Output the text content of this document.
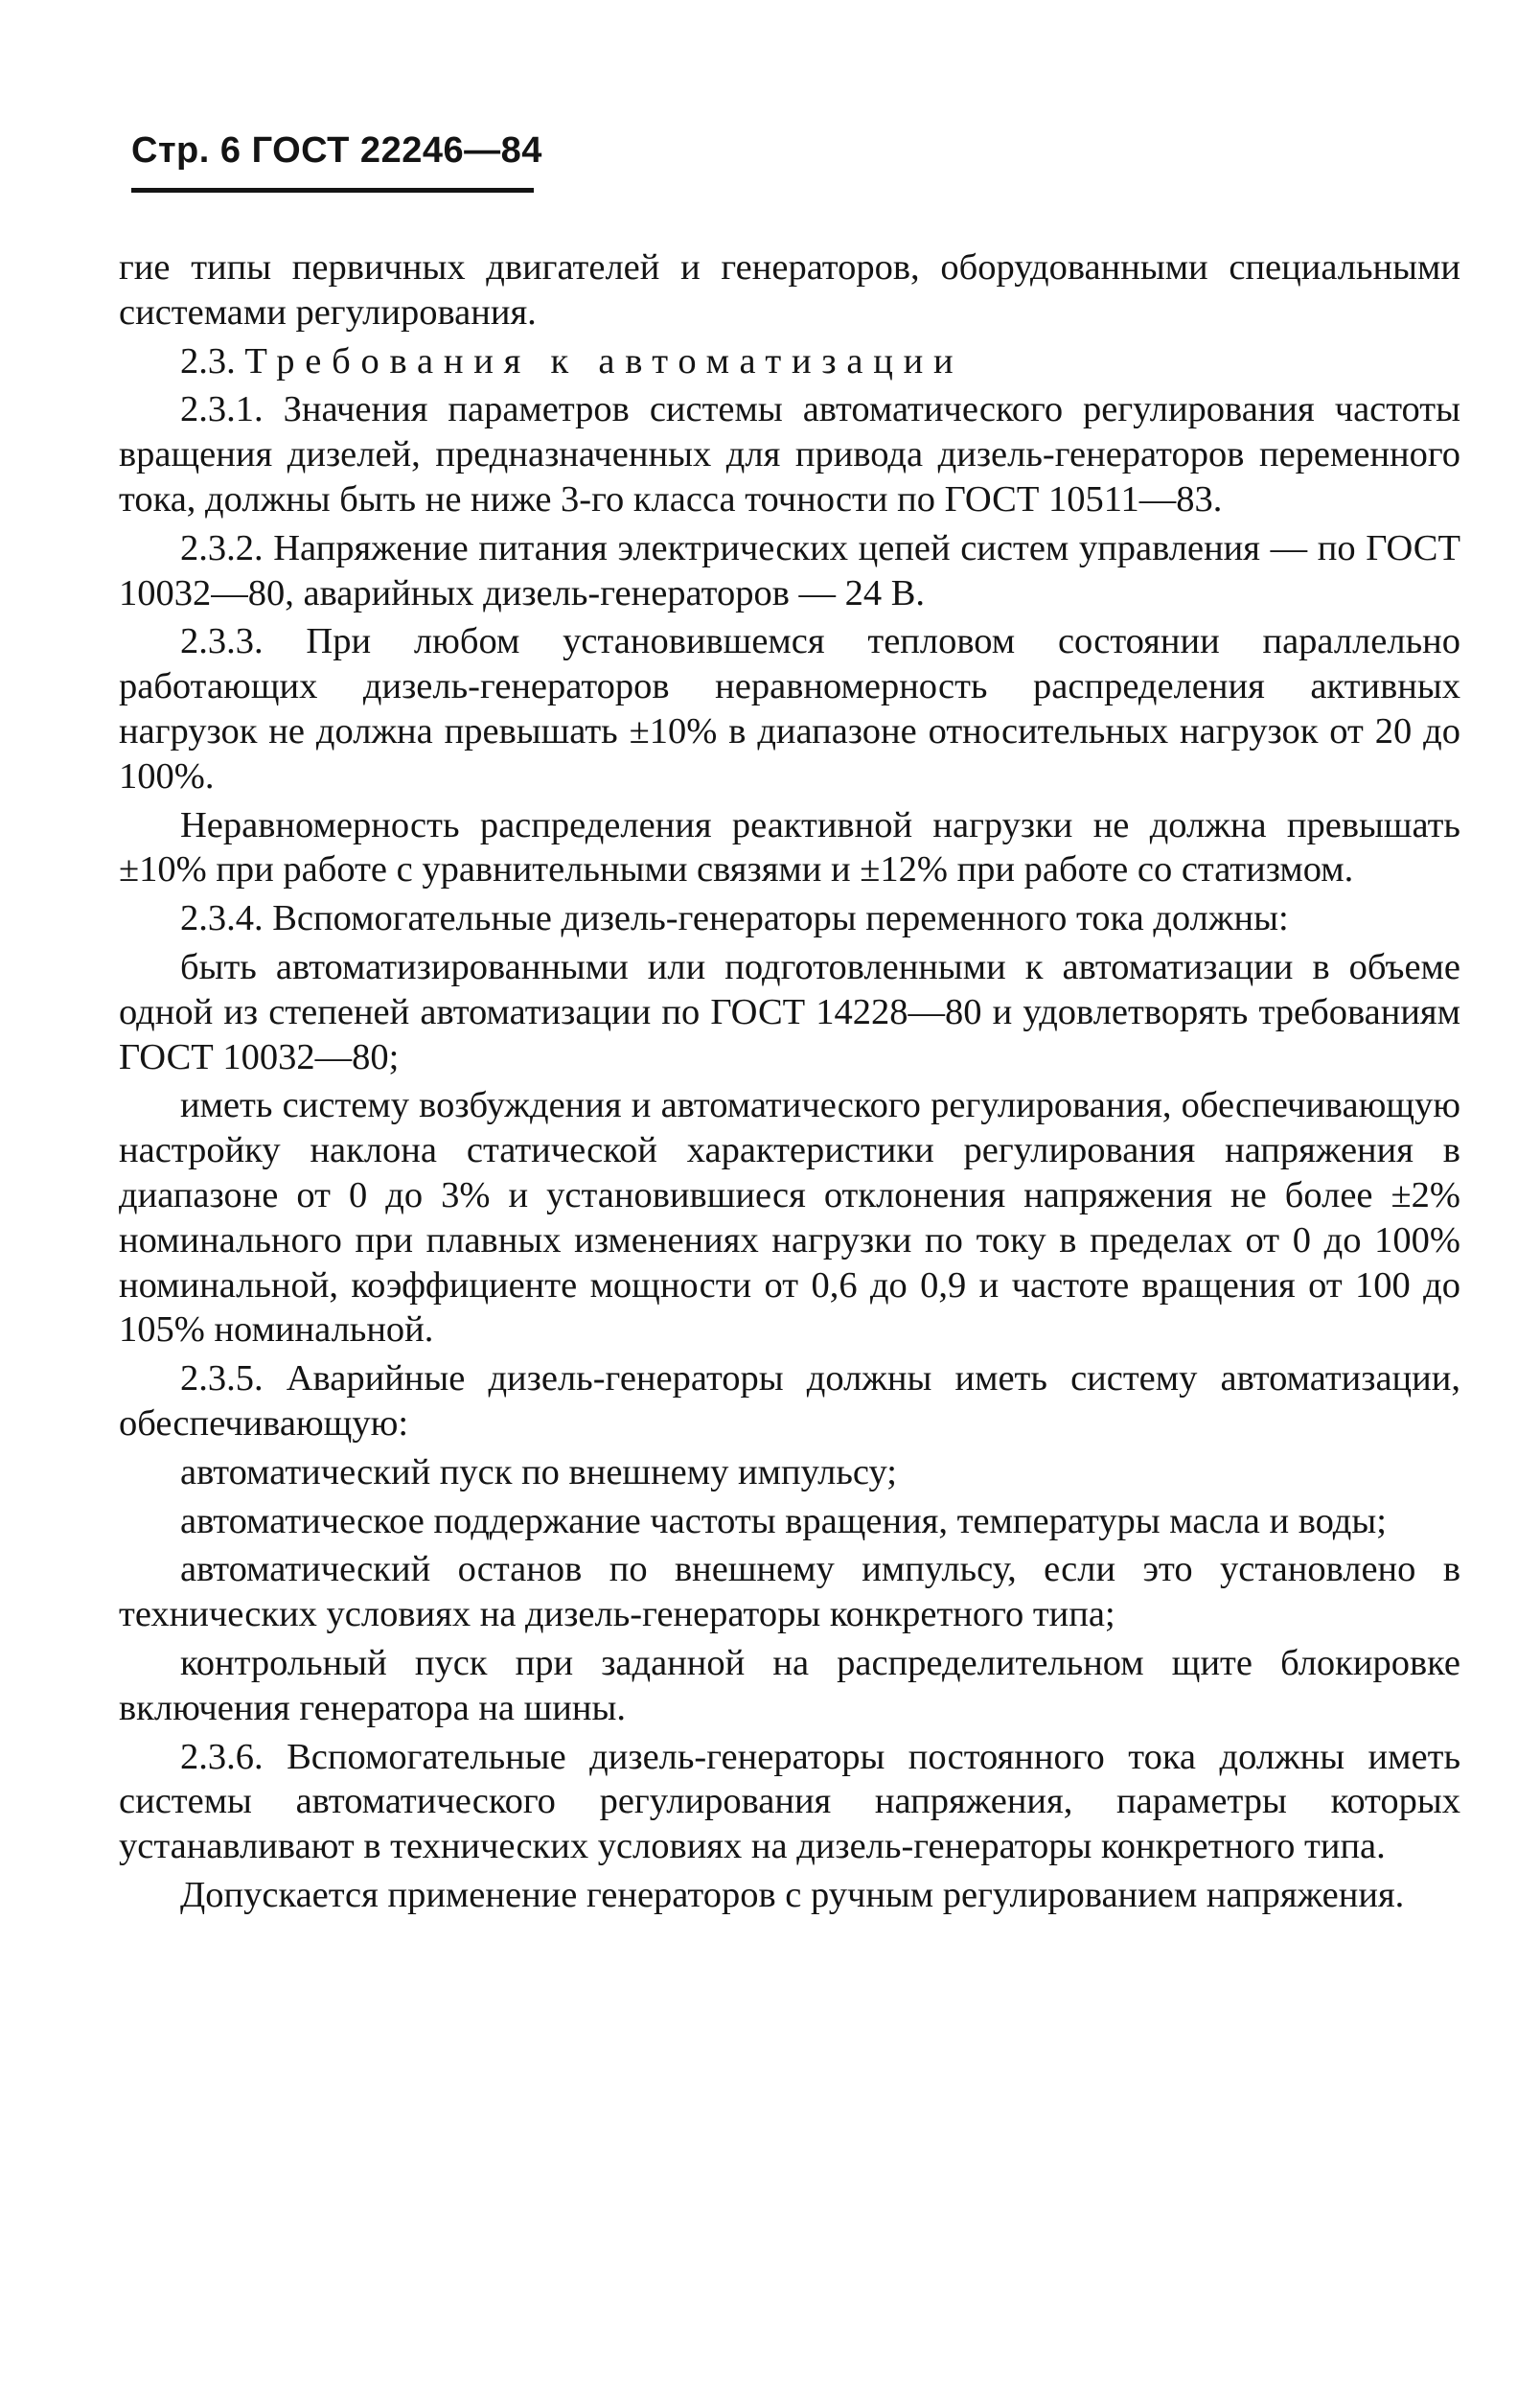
Стр. 6 ГОСТ 22246—84

гие типы первичных двигателей и генераторов, оборудованными специальными системами регулирования.

2.3. Требования к автоматизации

2.3.1. Значения параметров системы автоматического регулирования частоты вращения дизелей, предназначенных для привода дизель-генераторов переменного тока, должны быть не ниже 3-го класса точности по ГОСТ 10511—83.

2.3.2. Напряжение питания электрических цепей систем управления — по ГОСТ 10032—80, аварийных дизель-генераторов — 24 В.

2.3.3. При любом установившемся тепловом состоянии параллельно работающих дизель-генераторов неравномерность распределения активных нагрузок не должна превышать ±10% в диапазоне относительных нагрузок от 20 до 100%.

Неравномерность распределения реактивной нагрузки не должна превышать ±10% при работе с уравнительными связями и ±12% при работе со статизмом.

2.3.4. Вспомогательные дизель-генераторы переменного тока должны:

быть автоматизированными или подготовленными к автоматизации в объеме одной из степеней автоматизации по ГОСТ 14228—80 и удовлетворять требованиям ГОСТ 10032—80;

иметь систему возбуждения и автоматического регулирования, обеспечивающую настройку наклона статической характеристики регулирования напряжения в диапазоне от 0 до 3% и установившиеся отклонения напряжения не более ±2% номинального при плавных изменениях нагрузки по току в пределах от 0 до 100% номинальной, коэффициенте мощности от 0,6 до 0,9 и частоте вращения от 100 до 105% номинальной.

2.3.5. Аварийные дизель-генераторы должны иметь систему автоматизации, обеспечивающую:

автоматический пуск по внешнему импульсу;

автоматическое поддержание частоты вращения, температуры масла и воды;

автоматический останов по внешнему импульсу, если это установлено в технических условиях на дизель-генераторы конкретного типа;

контрольный пуск при заданной на распределительном щите блокировке включения генератора на шины.

2.3.6. Вспомогательные дизель-генераторы постоянного тока должны иметь системы автоматического регулирования напряжения, параметры которых устанавливают в технических условиях на дизель-генераторы конкретного типа.

Допускается применение генераторов с ручным регулированием напряжения.
